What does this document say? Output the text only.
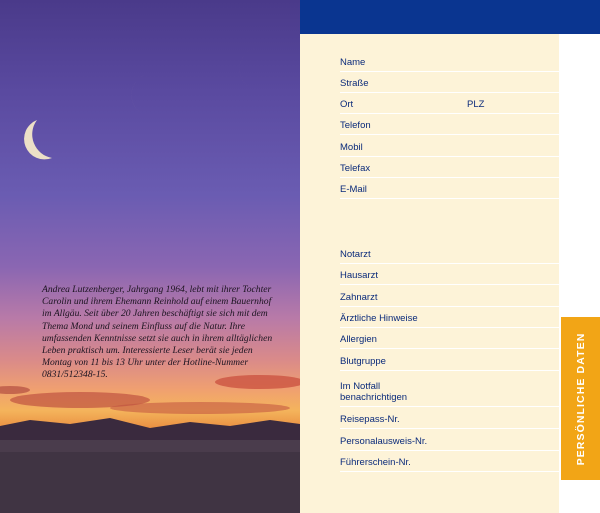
Andrea Lutzenberger, Jahrgang 1964, lebt mit ihrer Tochter Carolin und ihrem Ehemann Reinhold auf einem Bauernhof im Allgäu. Seit über 20 Jahren beschäftigt sie sich mit dem Thema Mond und seinem Einfluss auf die Natur. Ihre umfassenden Kenntnisse setzt sie auch in ihrem alltäglichen Leben praktisch um. Interessierte Leser berät sie jeden Montag von 11 bis 13 Uhr unter der Hotline-Nummer 0831/512348-15.

Name
Straße
Ort	PLZ
Telefon
Mobil
Telefax
E-Mail
Notarzt
Hausarzt
Zahnarzt
Ärztliche Hinweise
Allergien
Blutgruppe
Im Notfall
benachrichtigen
Reisepass-Nr.
Personalausweis-Nr.
Führerschein-Nr.	PERSÖNLICHE DATEN
